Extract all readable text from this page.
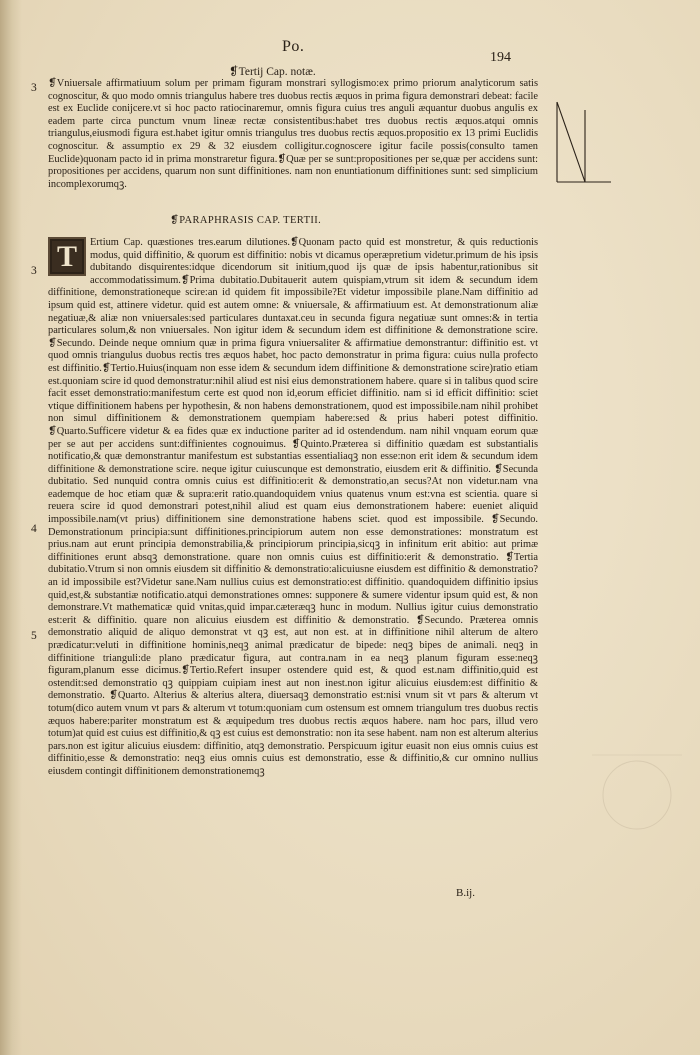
Po.
194
❡Tertij Cap. notæ.
3 ❡Vniuersale affirmatiuum solum per primam figuram monstrari syllogismo:ex primo priorum analyticorum satis cognoscitur, & quo modo omnis triangulus habere tres duobus rectis æquos in prima figura demonstrari debeat: facile est ex Euclide conijcere.vt si hoc pacto ratiocinaremur, omnis figura cuius tres anguli æquantur duobus angulis ex eadem parte circa punctum vnum lineæ rectæ consistentibus:habet tres duobus rectis æquos.atqui omnis triangulus,eiusmodi figura est.habet igitur omnis triangulus tres duobus rectis æquos.propositio ex 13 primi Euclidis cognoscitur. & assumptio ex 29 & 32 eiusdem colligitur.cognoscere igitur facile possis(consulto tamen Euclide)quonam pacto id in prima monstraretur figura.❡Quæ per se sunt:propositiones per se,quæ per accidens sunt: propositiones per accidens, quarum non sunt diffinitiones. nam non enuntiationum diffinitiones sunt: sed simplicium incomplexorumqꝫ.

❡PARAPHRASIS CAP. TERTII.
3
4
5
T	Ertium Cap. quæstiones tres.earum dilutiones.❡Quonam pacto quid est monstretur, & quis reductionis modus, quid diffinitio, & quorum est diffinitio: nobis vt dicamus operæpretium videtur.primum de his ipsis dubitando disquirentes:idque dicendorum sit initium,quod ijs quæ de ipsis habentur,rationibus sit accommodatissimum.❡Prima dubitatio.Dubitauerit autem quispiam,vtrum sit idem & secundum idem diffinitione, demonstrationeque scire:an id quidem fit impossibile?Et videtur impossibile plane.Nam diffinitio ad ipsum quid est, attinere videtur. quid est autem omne: & vniuersale, & affirmatiuum est. At demonstrationum aliæ negatiuæ,& aliæ non vniuersales:sed particulares duntaxat.ceu in secunda figura negatiuæ sunt omnes:& in tertia particulares solum,& non vniuersales. Non igitur idem & secundum idem est diffinitione & demonstratione scire. ❡Secundo. Deinde neque omnium quæ in prima figura vniuersaliter & affirmatiue demonstrantur: diffinitio est. vt quod omnis triangulus duobus rectis tres æquos habet, hoc pacto demonstratur in prima figura: cuius nulla profecto est diffinitio.❡Tertio.Huius(inquam non esse idem & secundum idem diffinitione & demonstratione scire)ratio etiam est.quoniam scire id quod demonstratur:nihil aliud est nisi eius demonstrationem habere. quare si in talibus quod scire facit esset demonstratio:manifestum certe est quod non id,eorum efficiet diffinitio. nam si id efficit diffinitio: sciet vtique diffinitionem habens per hypothesin, & non habens demonstrationem, quod est impossibile.nam nihil prohibet non simul diffinitionem & demonstrationem quempiam habere:sed & prius haberi potest diffinitio. ❡Quarto.Sufficere videtur & ea fides quæ ex inductione pariter ad id ostendendum. nam nihil vnquam eorum quæ per se aut per accidens sunt:diffinientes cognouimus. ❡Quinto.Præterea si diffinitio quædam est substantialis notificatio,& quæ demonstrantur manifestum est substantias essentialiaqꝫ non esse:non erit idem & secundum idem diffinitione & demonstratione scire. neque igitur cuiuscunque est demonstratio, eiusdem erit & diffinitio. ❡Secunda dubitatio. Sed nunquid contra omnis cuius est diffinitio:erit & demonstratio,an secus?At non videtur.nam vna eademque de hoc etiam quæ & supra:erit ratio.quandoquidem vnius quatenus vnum est:vna est scientia. quare si reuera scire id quod demonstrari potest,nihil aliud est quam eius demonstrationem habere: eueniet aliquid impossibile.nam(vt prius) diffinitionem sine demonstratione habens sciet. quod est impossibile. ❡Secundo. Demonstrationum principia:sunt diffinitiones.principiorum autem non esse demonstrationes: monstratum est prius.nam aut erunt principia demonstrabilia,& principiorum principia,sicqꝫ in infinitum erit abitio: aut primæ diffinitiones erunt absqꝫ demonstratione. quare non omnis cuius est diffinitio:erit & demonstratio. ❡Tertia dubitatio.Vtrum si non omnis eiusdem sit diffinitio & demonstratio:alicuiusne eiusdem est diffinitio & demonstratio? an id impossibile est?Videtur sane.Nam nullius cuius est demonstratio:est diffinitio. quandoquidem diffinitio ipsius quid,est,& substantiæ notificatio.atqui demonstrationes omnes: supponere & sumere videntur ipsum quid est, & non demonstrare.Vt mathematicæ quid vnitas,quid impar.cæteræqꝫ hunc in modum. Nullius igitur cuius demonstratio est:erit & diffinitio. quare non alicuius eiusdem est diffinitio & demonstratio. ❡Secundo. Præterea omnis demonstratio aliquid de aliquo demonstrat vt qꝫ est, aut non est. at in diffinitione nihil alterum de altero prædicatur:veluti in diffinitione hominis,neqꝫ animal prædicatur de bipede: neqꝫ bipes de animali. neqꝫ in diffinitione trianguli:de plano prædicatur figura, aut contra.nam in ea neqꝫ planum figuram esse:neqꝫ figuram,planum esse dicimus.❡Tertio.Refert insuper ostendere quid est, & quod est.nam diffinitio,quid est ostendit:sed demonstratio qꝫ quippiam cuipiam inest aut non inest.non igitur alicuius eiusdem:est diffinitio & demonstratio. ❡Quarto. Alterius & alterius altera, diuersaqꝫ demonstratio est:nisi vnum sit vt pars & alterum vt totum(dico autem vnum vt pars & alterum vt totum:quoniam cum ostensum est omnem triangulum tres duobus rectis æquos habere:pariter monstratum est & æquipedum tres duobus rectis æquos habere. nam hoc pars, illud vero totum)at quid est cuius est diffinitio,& qꝫ est cuius est demonstratio: non ita sese habent. nam non est alterum alterius pars.non est igitur alicuius eiusdem: diffinitio, atqꝫ demonstratio. Perspicuum igitur euasit non eius omnis cuius est diffinitio,esse & demonstratio: neqꝫ eius omnis cuius est demonstratio, esse & diffinitio,& cur omnino nullius eiusdem contingit diffinitionem demonstrationemqꝫ

B.ij.
